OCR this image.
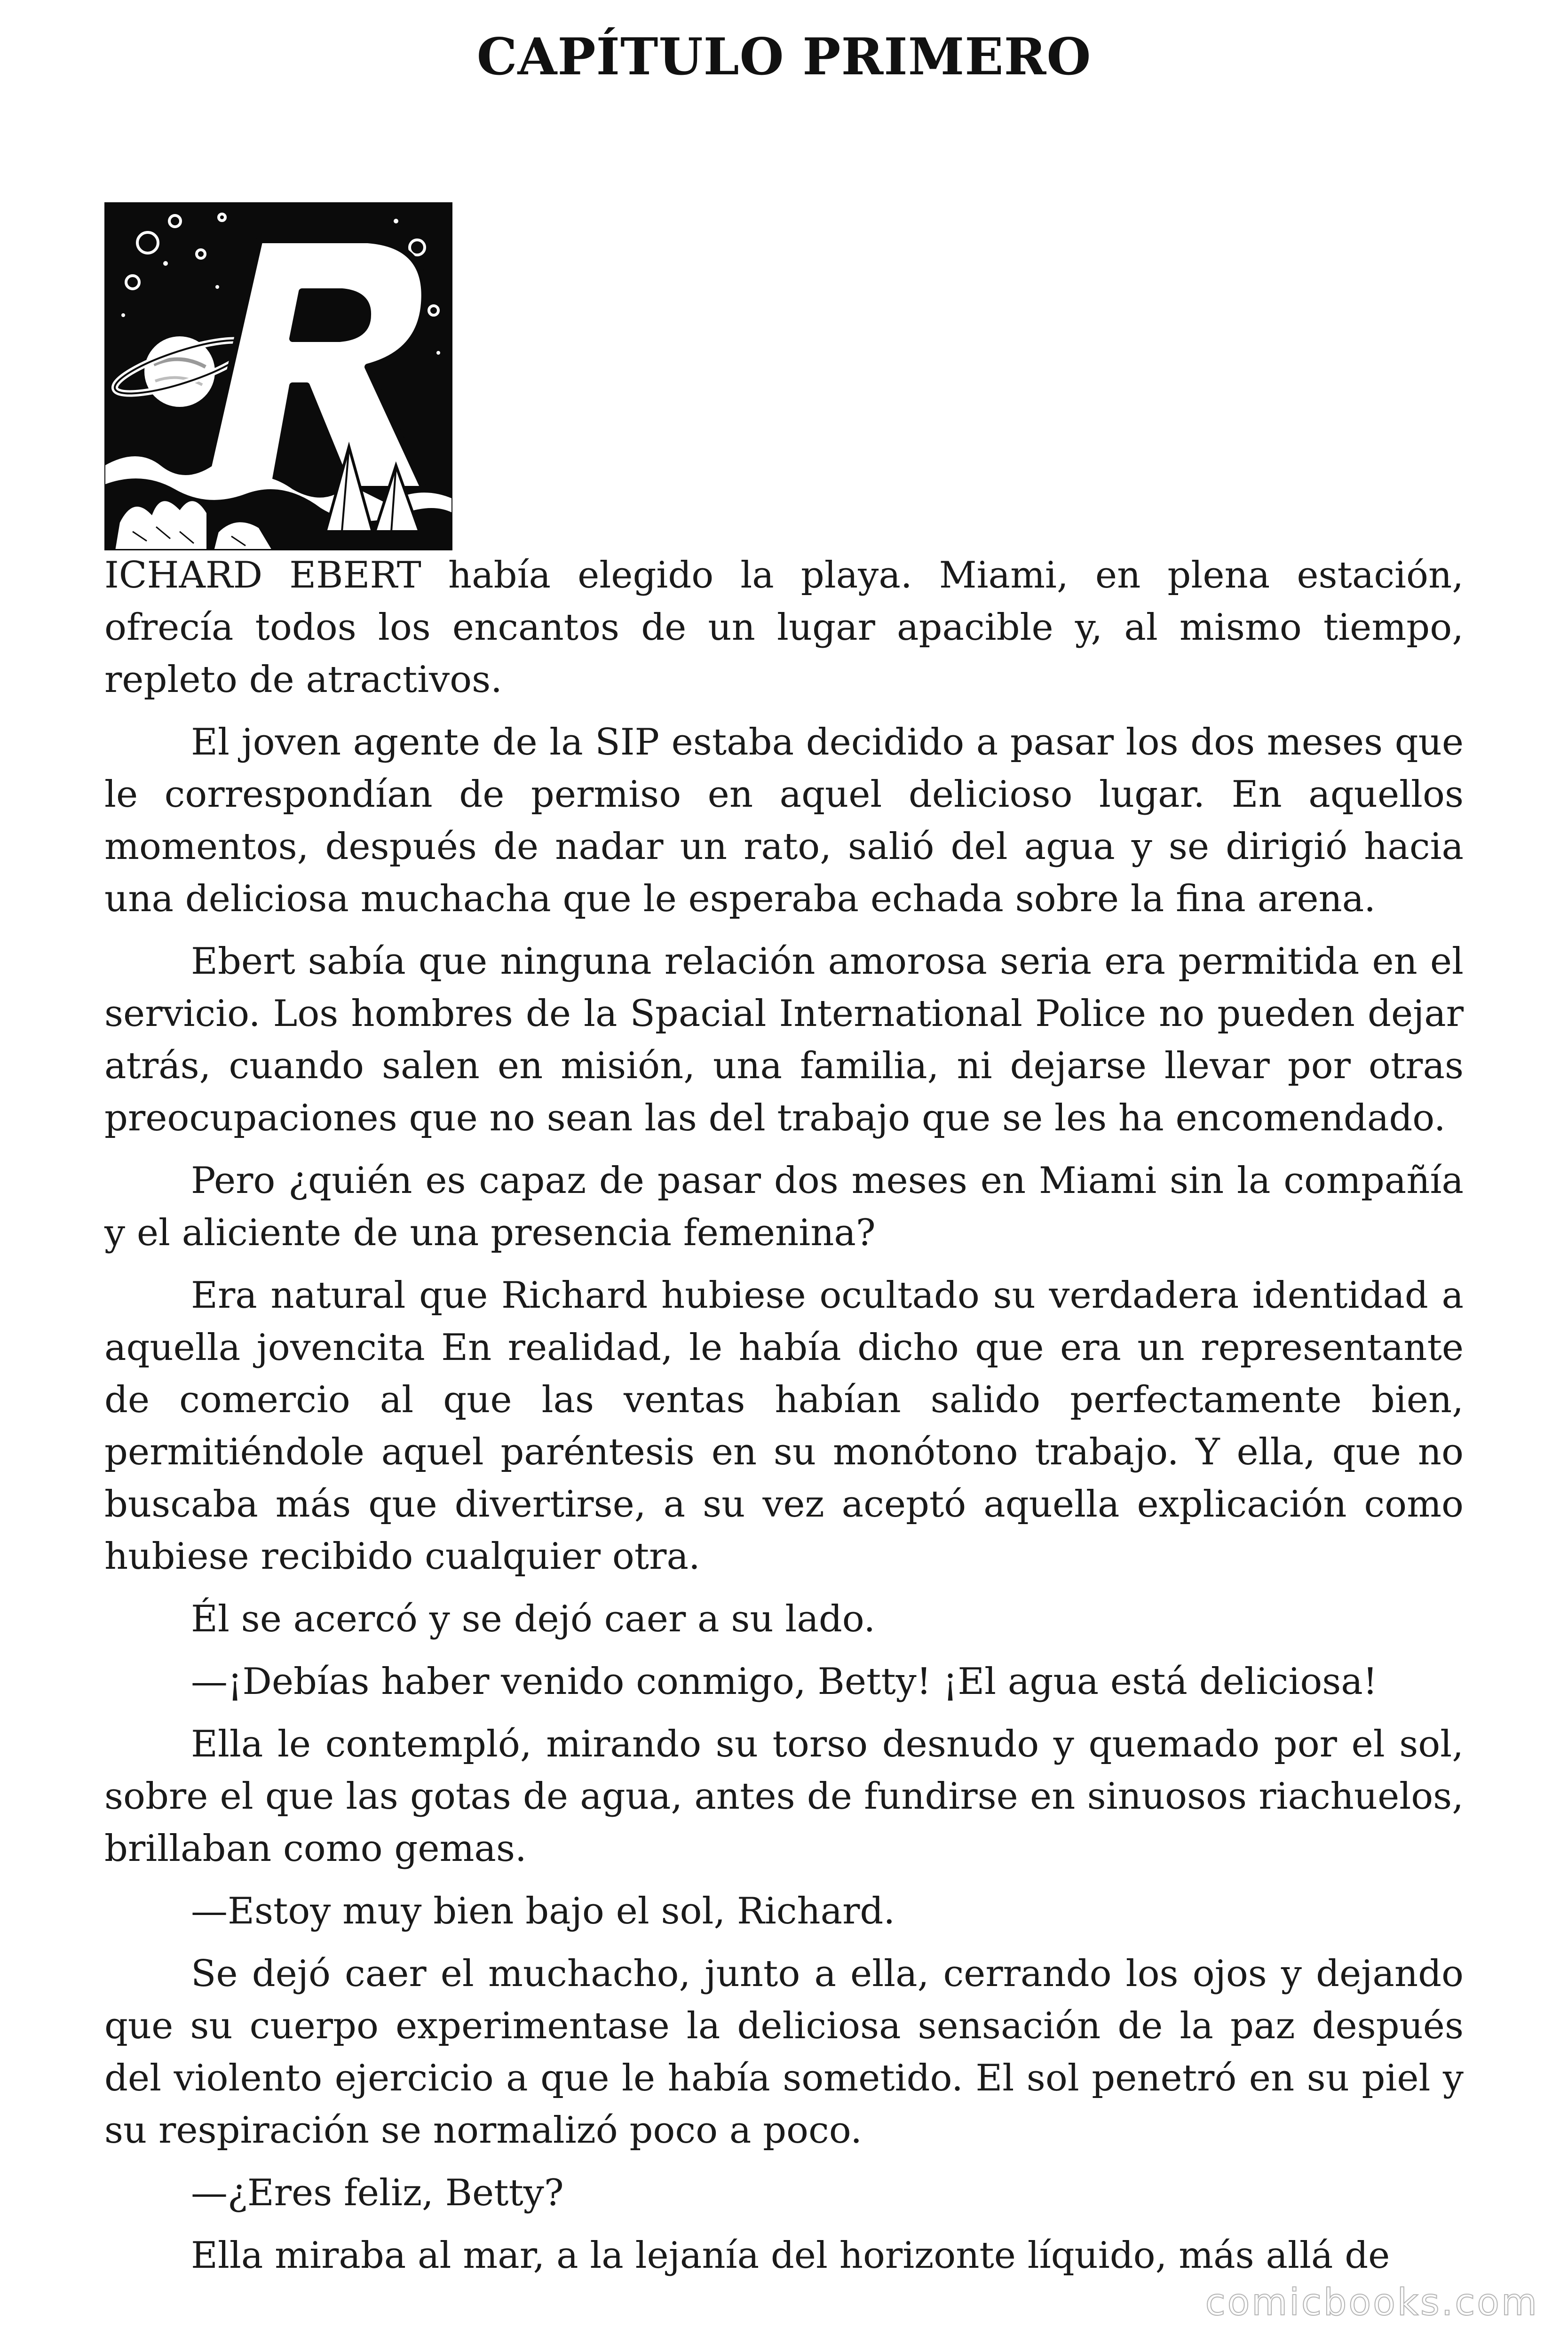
CAPÍTULO PRIMERO

ICHARD EBERT había elegido la playa. Miami, en plena estación, ofrecía todos los encantos de un lugar apacible y, al mismo tiempo, repleto de atractivos.

El joven agente de la SIP estaba decidido a pasar los dos meses que le correspondían de permiso en aquel delicioso lugar. En aquellos momentos, después de nadar un rato, salió del agua y se dirigió hacia una deliciosa muchacha que le esperaba echada sobre la fina arena.

Ebert sabía que ninguna relación amorosa seria era permitida en el servicio. Los hombres de la Spacial International Police no pueden dejar atrás, cuando salen en misión, una familia, ni dejarse llevar por otras preocupaciones que no sean las del trabajo que se les ha encomendado.

Pero ¿quién es capaz de pasar dos meses en Miami sin la compañía y el aliciente de una presencia femenina?

Era natural que Richard hubiese ocultado su verdadera identidad a aquella jovencita En realidad, le había dicho que era un representante de comercio al que las ventas habían salido perfectamente bien, permitiéndole aquel paréntesis en su monótono trabajo. Y ella, que no buscaba más que divertirse, a su vez aceptó aquella explicación como hubiese recibido cualquier otra.

Él se acercó y se dejó caer a su lado.

—¡Debías haber venido conmigo, Betty! ¡El agua está deliciosa!

Ella le contempló, mirando su torso desnudo y quemado por el sol, sobre el que las gotas de agua, antes de fundirse en sinuosos riachuelos, brillaban como gemas.

—Estoy muy bien bajo el sol, Richard.

Se dejó caer el muchacho, junto a ella, cerrando los ojos y dejando que su cuerpo experimentase la deliciosa sensación de la paz después del violento ejercicio a que le había sometido. El sol penetró en su piel y su respiración se normalizó poco a poco.

—¿Eres feliz, Betty?

Ella miraba al mar, a la lejanía del horizonte líquido, más allá de

comicbooks.com
